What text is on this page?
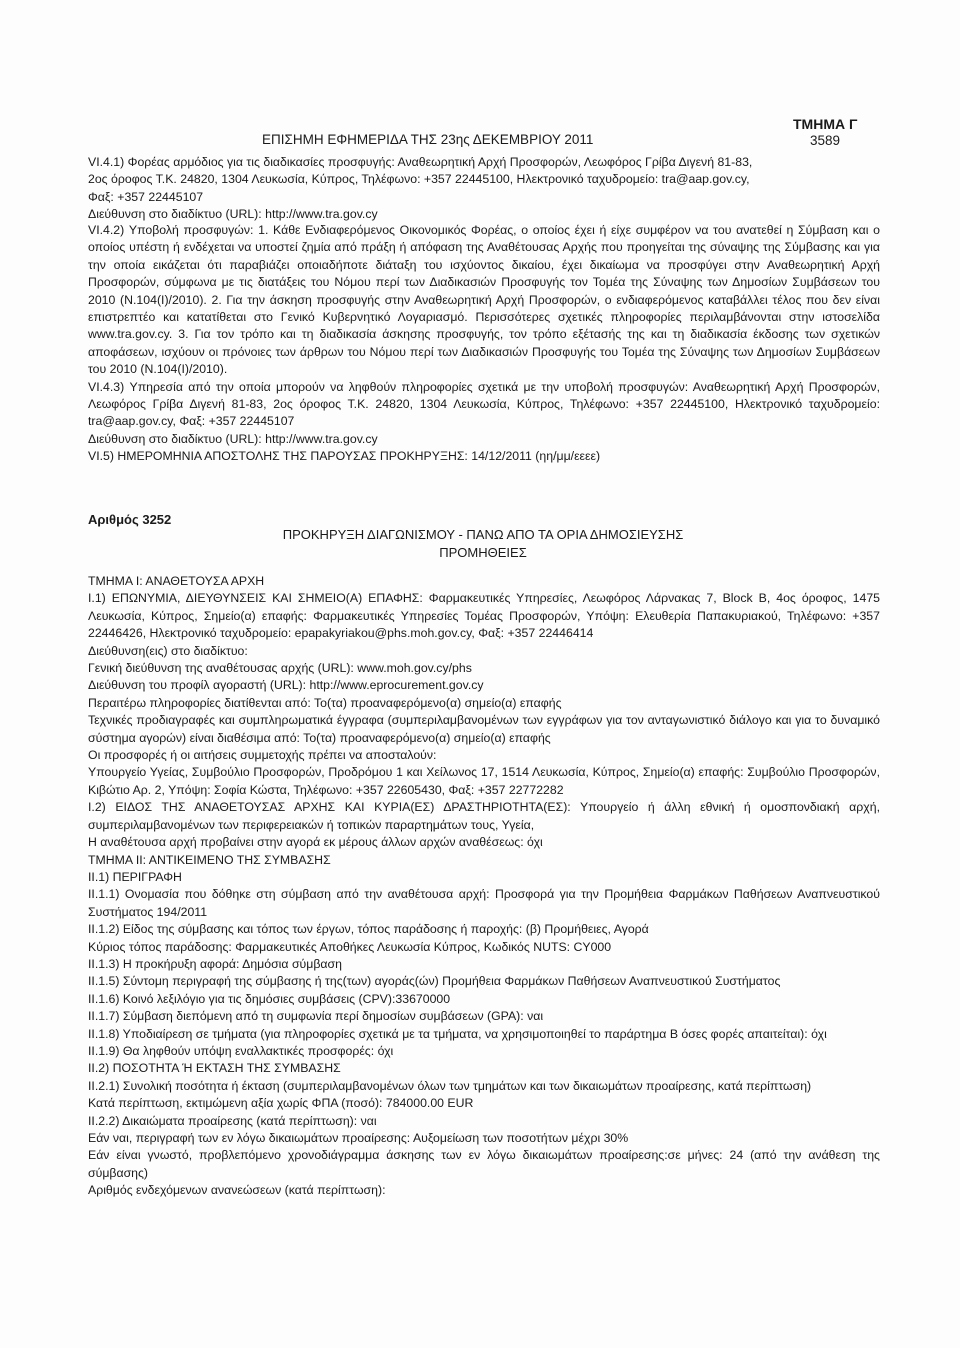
ΕΠΙΣΗΜΗ ΕΦΗΜΕΡΙΔΑ ΤΗΣ 23ης ΔΕΚΕΜΒΡΙΟΥ 2011
ΤΜΗΜΑ Γ
3589

VI.4.1) Φορέας αρμόδιος για τις διαδικασίες προσφυγής: Αναθεωρητική Αρχή Προσφορών, Λεωφόρος Γρίβα Διγενή 81-83,

2ος όροφος Τ.Κ. 24820, 1304 Λευκωσία, Κύπρος, Τηλέφωνο: +357 22445100, Ηλεκτρονικό ταχυδρομείο: tra@aap.gov.cy,

Φαξ: +357 22445107

Διεύθυνση στο διαδίκτυο (URL): http://www.tra.gov.cy

VI.4.2) Υποβολή προσφυγών: 1. Κάθε Ενδιαφερόμενος Οικονομικός Φορέας, ο οποίος έχει ή είχε συμφέρον να του ανατεθεί η Σύμβαση και ο οποίος υπέστη ή ενδέχεται να υποστεί ζημία από πράξη ή απόφαση της Αναθέτουσας Αρχής που προηγείται της σύναψης της Σύμβασης και για την οποία εικάζεται ότι παραβιάζει οποιαδήποτε διάταξη του ισχύοντος δικαίου, έχει δικαίωμα να προσφύγει στην Αναθεωρητική Αρχή Προσφορών, σύμφωνα με τις διατάξεις του Νόμου περί των Διαδικασιών Προσφυγής τον Τομέα της Σύναψης των Δημοσίων Συμβάσεων του 2010 (Ν.104(Ι)/2010). 2. Για την άσκηση προσφυγής στην Αναθεωρητική Αρχή Προσφορών, ο ενδιαφερόμενος καταβάλλει τέλος που δεν είναι επιστρεπτέο και κατατίθεται στο Γενικό Κυβερνητικό Λογαριασμό. Περισσότερες σχετικές πληροφορίες περιλαμβάνονται στην ιστοσελίδα www.tra.gov.cy. 3. Για τον τρόπο και τη διαδικασία άσκησης προσφυγής, τον τρόπο εξέτασής της και τη διαδικασία έκδοσης των σχετικών αποφάσεων, ισχύουν οι πρόνοιες των άρθρων του Νόμου περί των Διαδικασιών Προσφυγής του Τομέα της Σύναψης των Δημοσίων Συμβάσεων του 2010 (Ν.104(Ι)/2010).

VI.4.3) Υπηρεσία από την οποία μπορούν να ληφθούν πληροφορίες σχετικά με την υποβολή προσφυγών: Αναθεωρητική Αρχή Προσφορών, Λεωφόρος Γρίβα Διγενή 81-83, 2ος όροφος Τ.Κ. 24820, 1304 Λευκωσία, Κύπρος, Τηλέφωνο: +357 22445100, Ηλεκτρονικό ταχυδρομείο: tra@aap.gov.cy, Φαξ: +357 22445107

Διεύθυνση στο διαδίκτυο (URL): http://www.tra.gov.cy

VI.5) ΗΜΕΡΟΜΗΝΙΑ ΑΠΟΣΤΟΛΗΣ ΤΗΣ ΠΑΡΟΥΣΑΣ ΠΡΟΚΗΡΥΞΗΣ: 14/12/2011 (ηη/μμ/εεεε)

Αριθμός 3252

ΠΡΟΚΗΡΥΞΗ ΔΙΑΓΩΝΙΣΜΟΥ - ΠΑΝΩ ΑΠΟ ΤΑ ΟΡΙΑ ΔΗΜΟΣΙΕΥΣΗΣ

ΠΡΟΜΗΘΕΙΕΣ

ΤΜΗΜΑ Ι: ΑΝΑΘΕΤΟΥΣΑ ΑΡΧΗ

Ι.1) ΕΠΩΝΥΜΙΑ, ΔΙΕΥΘΥΝΣΕΙΣ ΚΑΙ ΣΗΜΕΙΟ(Α) ΕΠΑΦΗΣ: Φαρμακευτικές Υπηρεσίες, Λεωφόρος Λάρνακας 7, Block Β, 4ος όροφος, 1475 Λευκωσία, Κύπρος, Σημείο(α) επαφής: Φαρμακευτικές Υπηρεσίες Τομέας Προσφορών, Υπόψη: Ελευθερία Παπακυριακού, Τηλέφωνο: +357 22446426, Ηλεκτρονικό ταχυδρομείο: epapakyriakou@phs.moh.gov.cy, Φαξ: +357 22446414

Διεύθυνση(εις) στο διαδίκτυο:

Γενική διεύθυνση της αναθέτουσας αρχής (URL): www.moh.gov.cy/phs

Διεύθυνση του προφίλ αγοραστή (URL): http://www.eprocurement.gov.cy

Περαιτέρω πληροφορίες διατίθενται από: Το(τα) προαναφερόμενο(α) σημείο(α) επαφής

Τεχνικές προδιαγραφές και συμπληρωματικά έγγραφα (συμπεριλαμβανομένων των εγγράφων για τον ανταγωνιστικό διάλογο και για το δυναμικό σύστημα αγορών) είναι διαθέσιμα από: Το(τα) προαναφερόμενο(α) σημείο(α) επαφής

Οι προσφορές ή οι αιτήσεις συμμετοχής πρέπει να αποσταλούν:

Υπουργείο Υγείας, Συμβούλιο Προσφορών, Προδρόμου 1 και Χείλωνος 17, 1514 Λευκωσία, Κύπρος, Σημείο(α) επαφής: Συμβούλιο Προσφορών, Κιβώτιο Αρ. 2, Υπόψη: Σοφία Κώστα, Τηλέφωνο: +357 22605430, Φαξ: +357 22772282

Ι.2) ΕΙΔΟΣ ΤΗΣ ΑΝΑΘΕΤΟΥΣΑΣ ΑΡΧΗΣ ΚΑΙ ΚΥΡΙΑ(ΕΣ) ΔΡΑΣΤΗΡΙΟΤΗΤΑ(ΕΣ): Υπουργείο ή άλλη εθνική ή ομοσπονδιακή αρχή, συμπεριλαμβανομένων των περιφερειακών ή τοπικών παραρτημάτων τους, Υγεία,

Η αναθέτουσα αρχή προβαίνει στην αγορά εκ μέρους άλλων αρχών αναθέσεως: όχι

ΤΜΗΜΑ ΙΙ: ΑΝΤΙΚΕΙΜΕΝΟ ΤΗΣ ΣΥΜΒΑΣΗΣ

ΙΙ.1) ΠΕΡΙΓΡΑΦΗ

ΙΙ.1.1) Ονομασία που δόθηκε στη σύμβαση από την αναθέτουσα αρχή: Προσφορά για την Προμήθεια Φαρμάκων Παθήσεων Αναπνευστικού Συστήματος 194/2011

ΙΙ.1.2) Είδος της σύμβασης και τόπος των έργων, τόπος παράδοσης ή παροχής: (β) Προμήθειες, Αγορά

Κύριος τόπος παράδοσης: Φαρμακευτικές Αποθήκες Λευκωσία Κύπρος, Κωδικός NUTS: CY000

ΙΙ.1.3) Η προκήρυξη αφορά: Δημόσια σύμβαση

ΙΙ.1.5) Σύντομη περιγραφή της σύμβασης ή της(των) αγοράς(ών) Προμήθεια Φαρμάκων Παθήσεων Αναπνευστικού Συστήματος

ΙΙ.1.6) Κοινό λεξιλόγιο για τις δημόσιες συμβάσεις (CPV):33670000

ΙΙ.1.7) Σύμβαση διεπόμενη από τη συμφωνία περί δημοσίων συμβάσεων (GPA): ναι

ΙΙ.1.8) Υποδιαίρεση σε τμήματα (για πληροφορίες σχετικά με τα τμήματα, να χρησιμοποιηθεί το παράρτημα Β όσες φορές απαιτείται): όχι

ΙΙ.1.9) Θα ληφθούν υπόψη εναλλακτικές προσφορές: όχι

ΙΙ.2) ΠΟΣΟΤΗΤΑ Ή ΕΚΤΑΣΗ ΤΗΣ ΣΥΜΒΑΣΗΣ

ΙΙ.2.1) Συνολική ποσότητα ή έκταση (συμπεριλαμβανομένων όλων των τμημάτων και των δικαιωμάτων προαίρεσης, κατά περίπτωση)

Κατά περίπτωση, εκτιμώμενη αξία χωρίς ΦΠΑ (ποσό): 784000.00 EUR

ΙΙ.2.2) Δικαιώματα προαίρεσης (κατά περίπτωση): ναι

Εάν ναι, περιγραφή των εν λόγω δικαιωμάτων προαίρεσης: Αυξομείωση των ποσοτήτων μέχρι 30%

Εάν είναι γνωστό, προβλεπόμενο χρονοδιάγραμμα άσκησης των εν λόγω δικαιωμάτων προαίρεσης:σε μήνες: 24 (από την ανάθεση της σύμβασης)

Αριθμός ενδεχόμενων ανανεώσεων (κατά περίπτωση):
